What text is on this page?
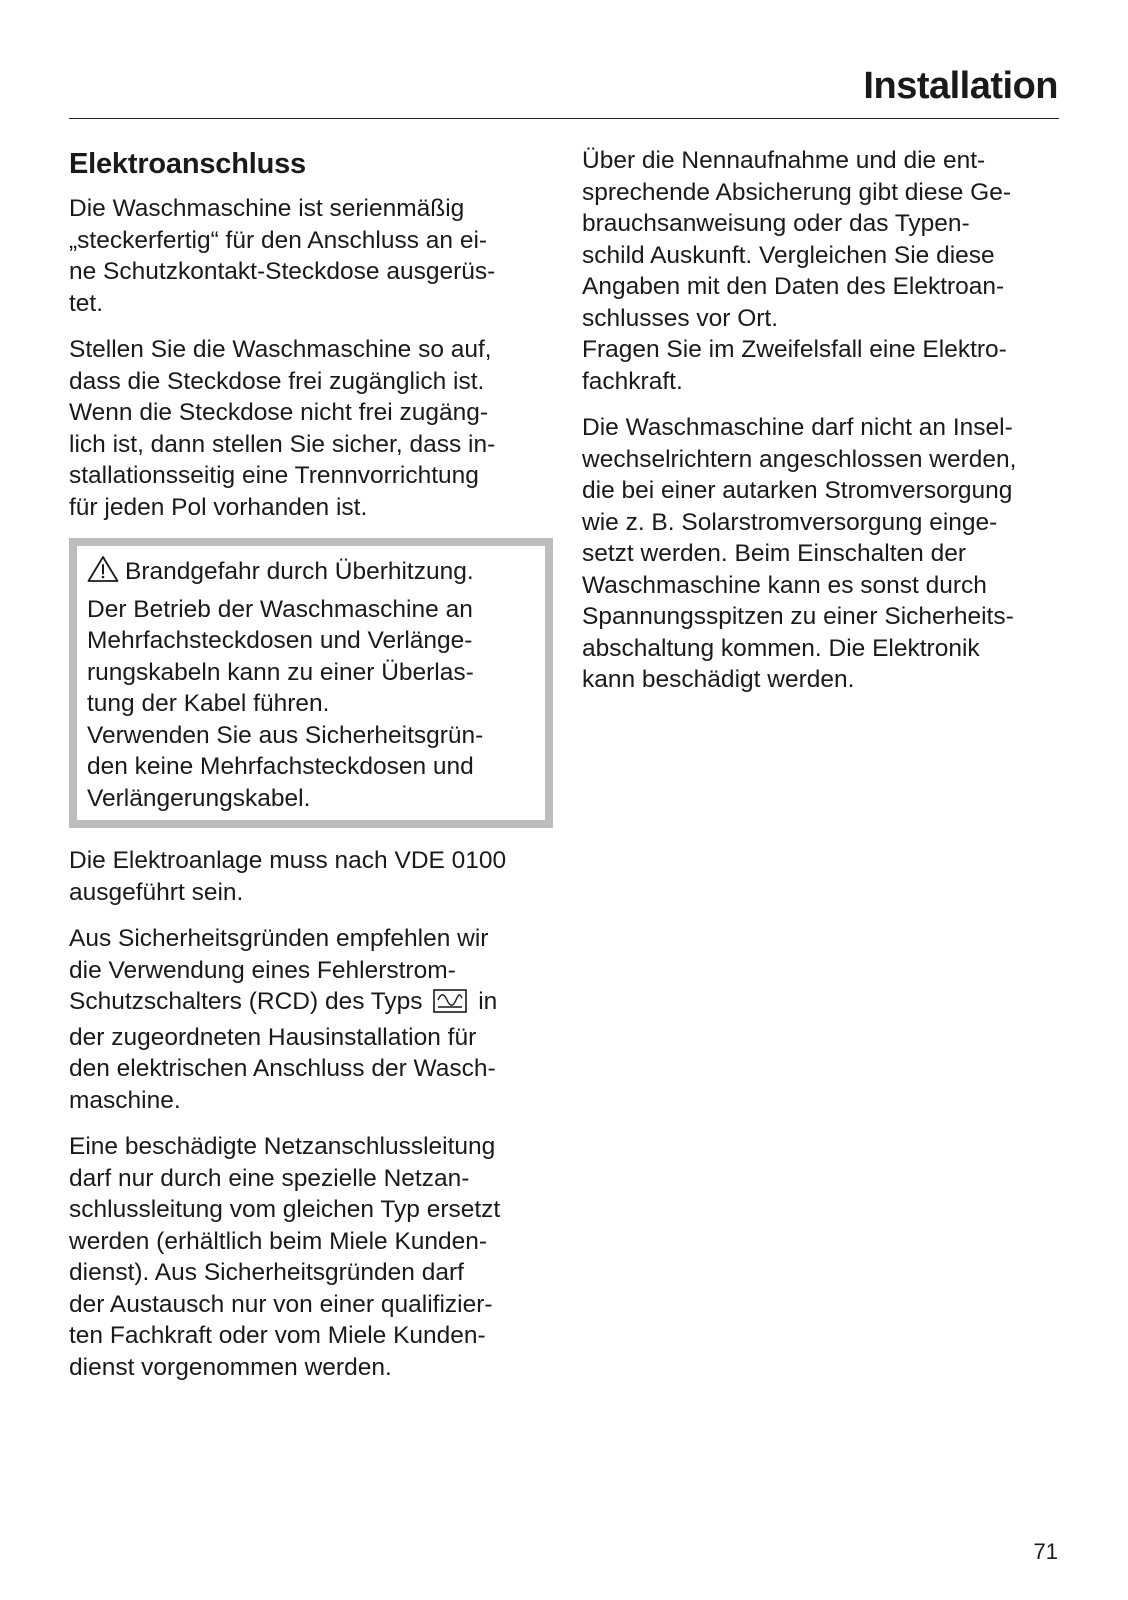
Installation
Elektroanschluss

Die Waschmaschine ist serienmäßig
„steckerfertig“ für den Anschluss an ei-
ne Schutzkontakt-Steckdose ausgerüs-
tet.

Stellen Sie die Waschmaschine so auf,
dass die Steckdose frei zugänglich ist.
Wenn die Steckdose nicht frei zugäng-
lich ist, dann stellen Sie sicher, dass in-
stallationsseitig eine Trennvorrichtung
für jeden Pol vorhanden ist.

Brandgefahr durch Überhitzung.
Der Betrieb der Waschmaschine an
Mehrfachsteckdosen und Verlänge-
rungskabeln kann zu einer Überlas-
tung der Kabel führen.
Verwenden Sie aus Sicherheitsgrün-
den keine Mehrfachsteckdosen und
Verlängerungskabel.

Die Elektroanlage muss nach VDE 0100
ausgeführt sein.

Aus Sicherheitsgründen empfehlen wir
die Verwendung eines Fehlerstrom-
Schutzschalters (RCD) des Typs in
der zugeordneten Hausinstallation für
den elektrischen Anschluss der Wasch-
maschine.

Eine beschädigte Netzanschlussleitung
darf nur durch eine spezielle Netzan-
schlussleitung vom gleichen Typ ersetzt
werden (erhältlich beim Miele Kunden-
dienst). Aus Sicherheitsgründen darf
der Austausch nur von einer qualifizier-
ten Fachkraft oder vom Miele Kunden-
dienst vorgenommen werden.

Über die Nennaufnahme und die ent-
sprechende Absicherung gibt diese Ge-
brauchsanweisung oder das Typen-
schild Auskunft. Vergleichen Sie diese
Angaben mit den Daten des Elektroan-
schlusses vor Ort.
Fragen Sie im Zweifelsfall eine Elektro-
fachkraft.

Die Waschmaschine darf nicht an Insel-
wechselrichtern angeschlossen werden,
die bei einer autarken Stromversorgung
wie z. B. Solarstromversorgung einge-
setzt werden. Beim Einschalten der
Waschmaschine kann es sonst durch
Spannungsspitzen zu einer Sicherheits-
abschaltung kommen. Die Elektronik
kann beschädigt werden.

71
